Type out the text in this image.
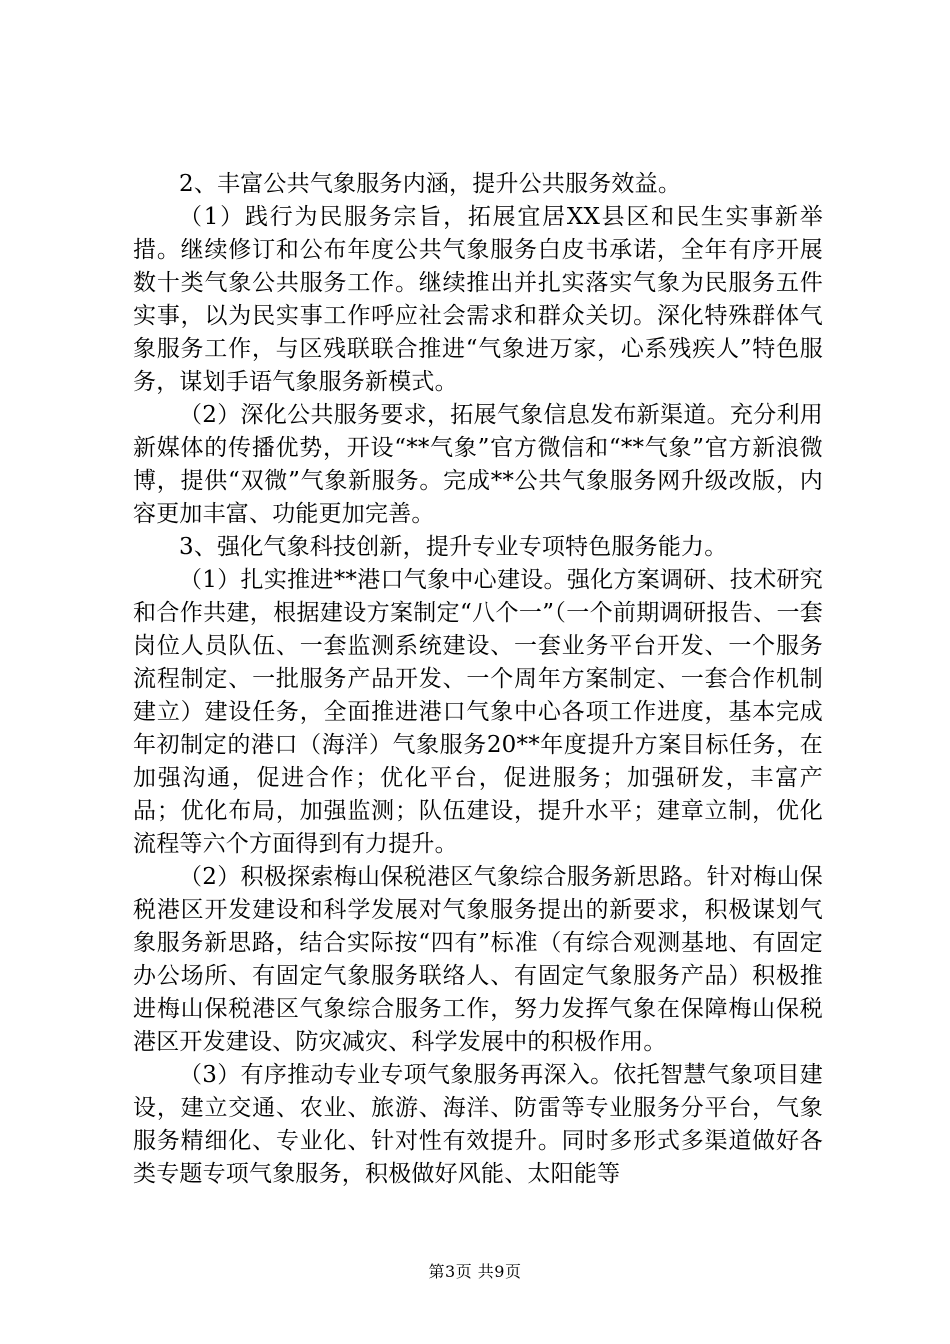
2、丰富公共气象服务内涵，提升公共服务效益。

（1）践行为民服务宗旨，拓展宜居XX县区和民生实事新举措。继续修订和公布年度公共气象服务白皮书承诺，全年有序开展数十类气象公共服务工作。继续推出并扎实落实气象为民服务五件实事，以为民实事工作呼应社会需求和群众关切。深化特殊群体气象服务工作，与区残联联合推进“气象进万家，心系残疾人”特色服务，谋划手语气象服务新模式。

（2）深化公共服务要求，拓展气象信息发布新渠道。充分利用新媒体的传播优势，开设“**气象”官方微信和“**气象”官方新浪微博，提供“双微”气象新服务。完成**公共气象服务网升级改版，内容更加丰富、功能更加完善。

3、强化气象科技创新，提升专业专项特色服务能力。

（1）扎实推进**港口气象中心建设。强化方案调研、技术研究和合作共建，根据建设方案制定“八个一”（一个前期调研报告、一套岗位人员队伍、一套监测系统建设、一套业务平台开发、一个服务流程制定、一批服务产品开发、一个周年方案制定、一套合作机制建立）建设任务，全面推进港口气象中心各项工作进度，基本完成年初制定的港口（海洋）气象服务20**年度提升方案目标任务，在加强沟通，促进合作；优化平台，促进服务；加强研发，丰富产品；优化布局，加强监测；队伍建设，提升水平；建章立制，优化流程等六个方面得到有力提升。

（2）积极探索梅山保税港区气象综合服务新思路。针对梅山保税港区开发建设和科学发展对气象服务提出的新要求，积极谋划气象服务新思路，结合实际按“四有”标准（有综合观测基地、有固定办公场所、有固定气象服务联络人、有固定气象服务产品）积极推进梅山保税港区气象综合服务工作，努力发挥气象在保障梅山保税港区开发建设、防灾减灾、科学发展中的积极作用。

（3）有序推动专业专项气象服务再深入。依托智慧气象项目建设，建立交通、农业、旅游、海洋、防雷等专业服务分平台，气象服务精细化、专业化、针对性有效提升。同时多形式多渠道做好各类专题专项气象服务，积极做好风能、太阳能等

第3页 共9页
